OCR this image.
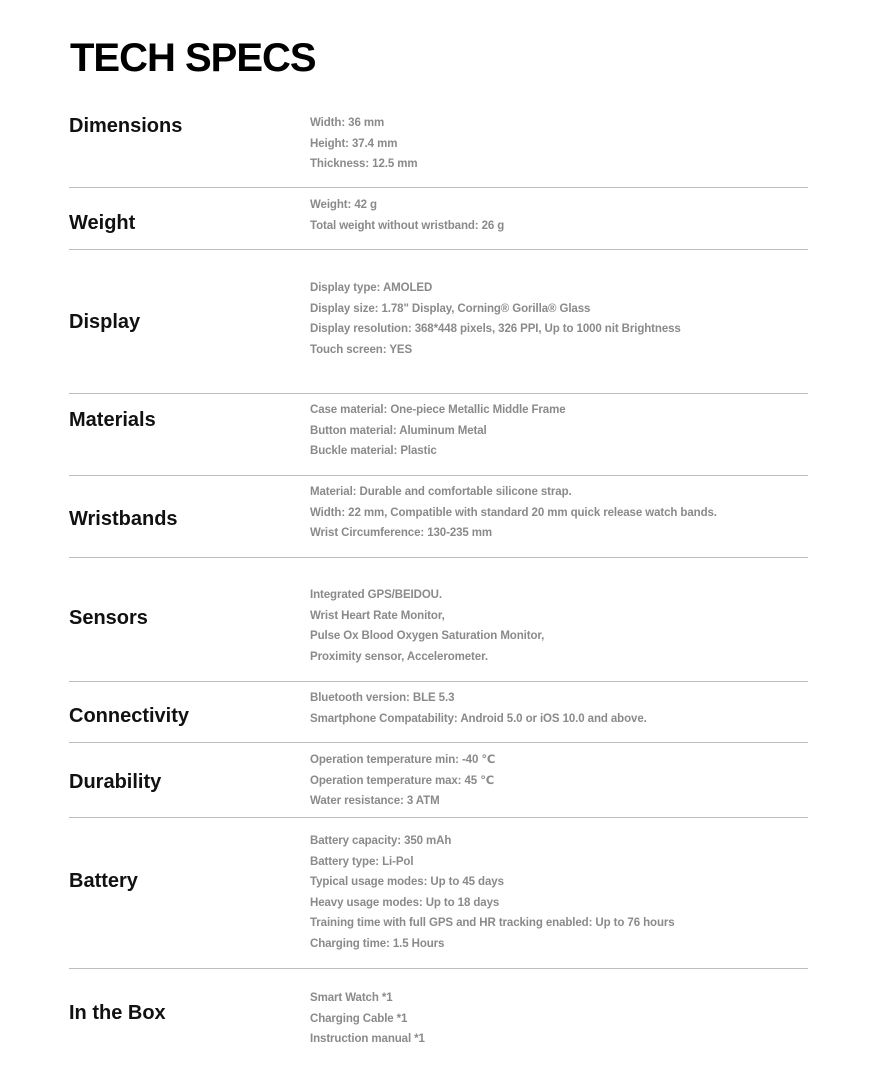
TECH SPECS
Dimensions	Width: 36 mm
Height: 37.4 mm
Thickness: 12.5 mm
Weight
Weight: 42 g
Total weight without wristband: 26 g
Display
Display type: AMOLED
Display size: 1.78" Display, Corning® Gorilla® Glass
Display resolution: 368*448 pixels, 326 PPI, Up to 1000 nit Brightness
Touch screen: YES
Materials	Case material: One-piece Metallic Middle Frame
Button material: Aluminum Metal
Buckle material: Plastic
Wristbands
Material: Durable and comfortable silicone strap.
Width: 22 mm, Compatible with standard 20 mm quick release watch bands.
Wrist Circumference: 130-235 mm
Sensors
Integrated GPS/BEIDOU.
Wrist Heart Rate Monitor,
Pulse Ox Blood Oxygen Saturation Monitor,
Proximity sensor, Accelerometer.
Connectivity
Bluetooth version: BLE 5.3
Smartphone Compatability: Android 5.0 or iOS 10.0 and above.
Durability
Operation temperature min: -40 ℃
Operation temperature max: 45 ℃
Water resistance: 3 ATM
Battery
Battery capacity: 350 mAh
Battery type: Li-Pol
Typical usage modes: Up to 45 days
Heavy usage modes: Up to 18 days
Training time with full GPS and HR tracking enabled: Up to 76 hours
Charging time: 1.5 Hours
In the Box
Smart Watch *1
Charging Cable *1
Instruction manual *1
